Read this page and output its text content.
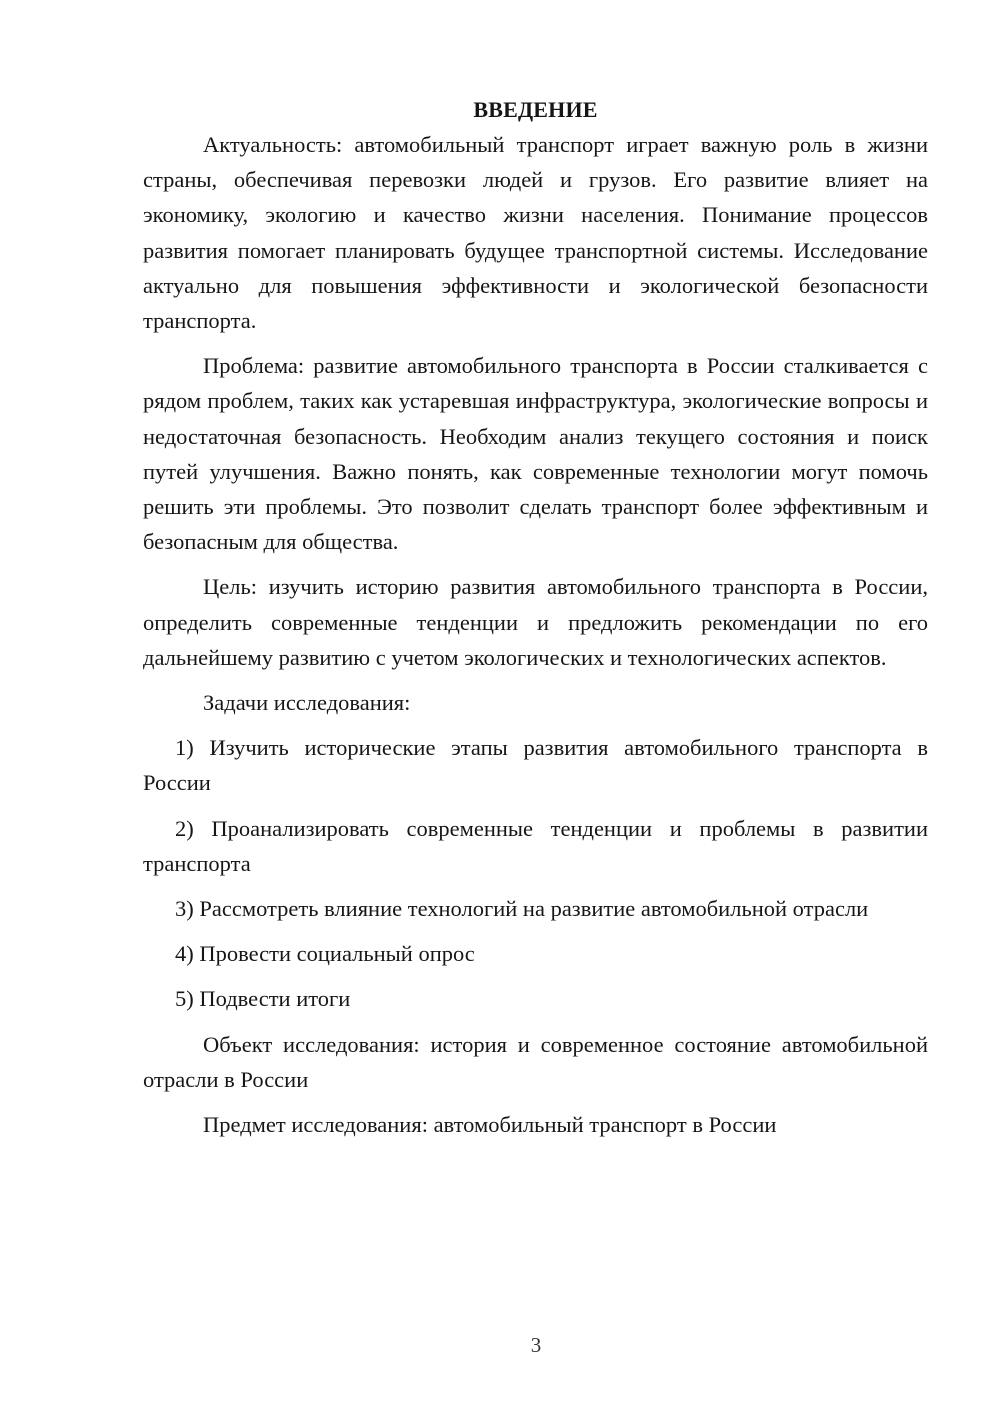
ВВЕДЕНИЕ

Актуальность: автомобильный транспорт играет важную роль в жизни страны, обеспечивая перевозки людей и грузов. Его развитие влияет на экономику, экологию и качество жизни населения. Понимание процессов развития помогает планировать будущее транспортной системы. Исследование актуально для повышения эффективности и экологической безопасности транспорта.

Проблема: развитие автомобильного транспорта в России сталкивается с рядом проблем, таких как устаревшая инфраструктура, экологические вопросы и недостаточная безопасность. Необходим анализ текущего состояния и поиск путей улучшения. Важно понять, как современные технологии могут помочь решить эти проблемы. Это позволит сделать транспорт более эффективным и безопасным для общества.

Цель: изучить историю развития автомобильного транспорта в России, определить современные тенденции и предложить рекомендации по его дальнейшему развитию с учетом экологических и технологических аспектов.

Задачи исследования:

1) Изучить исторические этапы развития автомобильного транспорта в России

2) Проанализировать современные тенденции и проблемы в развитии транспорта

3) Рассмотреть влияние технологий на развитие автомобильной отрасли

4) Провести социальный опрос

5) Подвести итоги

Объект исследования: история и современное состояние автомобильной отрасли в России

Предмет исследования: автомобильный транспорт в России

3
